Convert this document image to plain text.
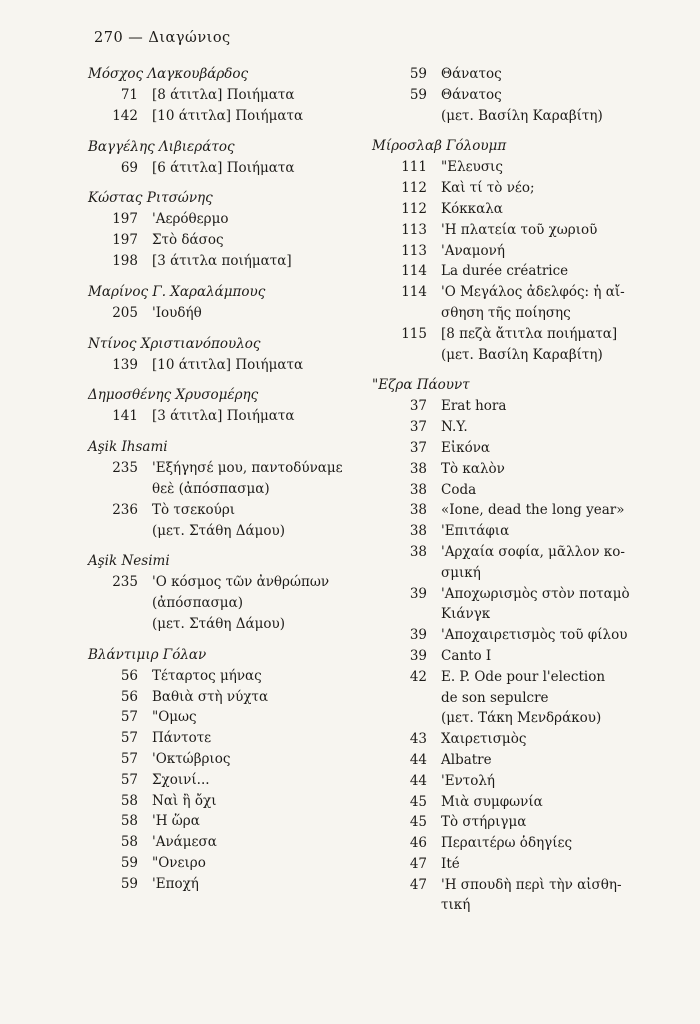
270 — Διαγώνιος
Μόσχος Λαγκουβάρδος
71 [8 άτιτλα] Ποιήματα
142 [10 άτιτλα] Ποιήματα
Βαγγέλης Λιβιεράτος
69 [6 άτιτλα] Ποιήματα
Κώστας Ριτσώνης
197 'Αερόθερμο
197 Στὸ δάσος
198 [3 άτιτλα ποιήματα]
Μαρίνος Γ. Χαραλάμπους
205 'Ιουδήθ
Ντίνος Χριστιανόπουλος
139 [10 άτιτλα] Ποιήματα
Δημοσθένης Χρυσομέρης
141 [3 άτιτλα] Ποιήματα
Aşik Ihsami
235 'Εξήγησέ μου, παντοδύναμε
θεὲ (ἀπόσπασμα)
236 Τὸ τσεκούρι
(μετ. Στάθη Δάμου)
Aşik Nesimi
235 'Ο κόσμος τῶν ἀνθρώπων
(ἀπόσπασμα)
(μετ. Στάθη Δάμου)
Βλάντιμιρ Γόλαν
56 Τέταρτος μήνας
56 Βαθιὰ στὴ νύχτα
57 "Ομως
57 Πάντοτε
57 'Οκτώβριος
57 Σχοινί...
58 Ναὶ ἢ ὄχι
58 'Η ὥρα
58 'Ανάμεσα
59 "Ονειρο
59 'Εποχή
59 Θάνατος
59 Θάνατος
(μετ. Βασίλη Καραβίτη)
Μίροσλαβ Γόλουμπ
111 "Ελευσις
112 Καὶ τί τὸ νέο;
112 Κόκκαλα
113 'Η πλατεία τοῦ χωριοῦ
113 'Αναμονή
114 La durée créatrice
114 'Ο Μεγάλος ἀδελφός: ἡ αἴ-
σθηση τῆς ποίησης
115 [8 πεζὰ ἄτιτλα ποιήματα]
(μετ. Βασίλη Καραβίτη)
"Εζρα Πάουντ
37 Erat hora
37 N.Y.
37 Εἰκόνα
38 Τὸ καλὸν
38 Coda
38 «Ione, dead the long year»
38 'Επιτάφια
38 'Αρχαία σοφία, μᾶλλον κο-
σμική
39 'Αποχωρισμὸς στὸν ποταμὸ
Κιάνγκ
39 'Αποχαιρετισμὸς τοῦ φίλου
39 Canto I
42 E. P. Ode pour l'election
de son sepulcre
(μετ. Τάκη Μενδράκου)
43 Χαιρετισμὸς
44 Albatre
44 'Εντολή
45 Μιὰ συμφωνία
45 Τὸ στήριγμα
46 Περαιτέρω ὁδηγίες
47 Ité
47 'Η σπουδὴ περὶ τὴν αἰσθη-
τική
